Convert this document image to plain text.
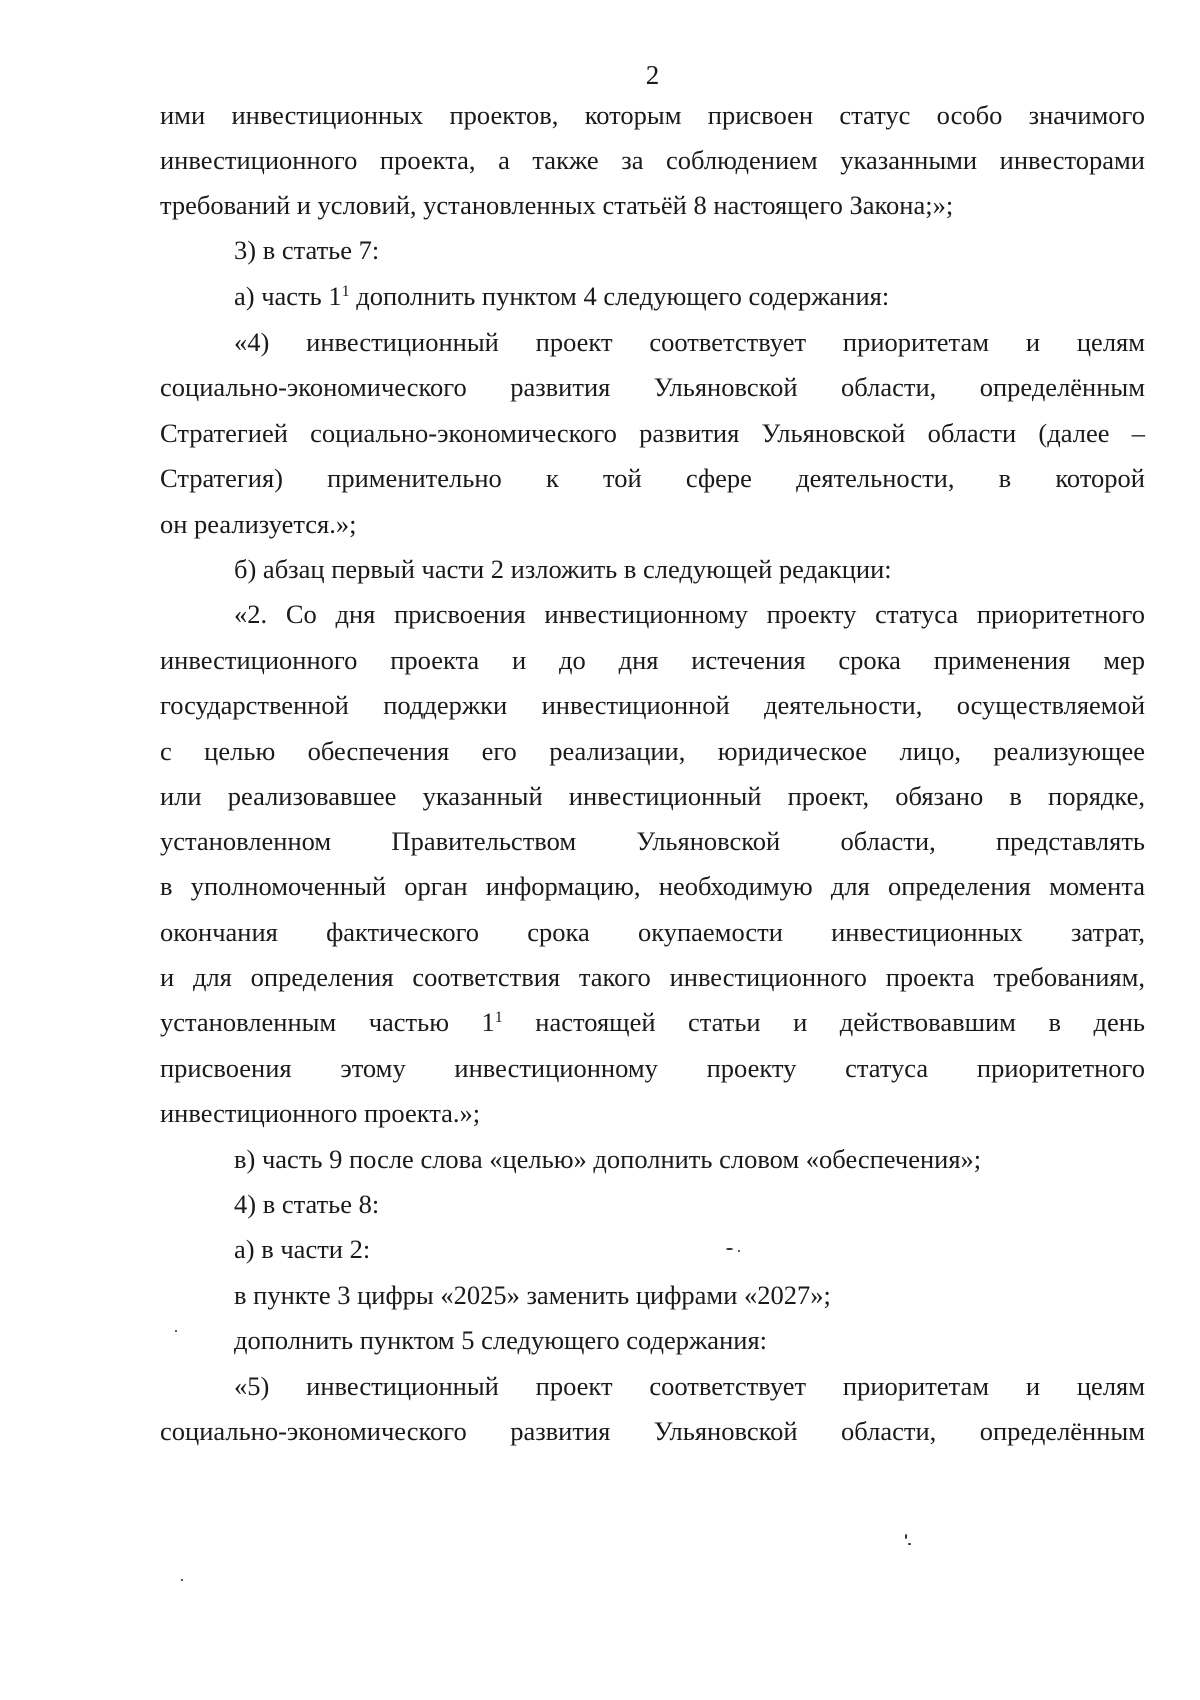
2
ими инвестиционных проектов, которым присвоен статус особо значимого
инвестиционного проекта, а также за соблюдением указанными инвесторами
требований и условий, установленных статьёй 8 настоящего Закона;»;
3) в статье 7:
а) часть $1^1$ дополнить пунктом 4 следующего содержания:
«4) инвестиционный проект соответствует приоритетам и целям
социально-экономического развития Ульяновской области, определённым
Стратегией социально-экономического развития Ульяновской области (далее –
Стратегия) применительно к той сфере деятельности, в которой
он реализуется.»;
б) абзац первый части 2 изложить в следующей редакции:
«2. Со дня присвоения инвестиционному проекту статуса приоритетного
инвестиционного проекта и до дня истечения срока применения мер
государственной поддержки инвестиционной деятельности, осуществляемой
с целью обеспечения его реализации, юридическое лицо, реализующее
или реализовавшее указанный инвестиционный проект, обязано в порядке,
установленном Правительством Ульяновской области, представлять
в уполномоченный орган информацию, необходимую для определения момента
окончания фактического срока окупаемости инвестиционных затрат,
и для определения соответствия такого инвестиционного проекта требованиям,
установленным частью $1^1$ настоящей статьи и действовавшим в день
присвоения этому инвестиционному проекту статуса приоритетного
инвестиционного проекта.»;
в) часть 9 после слова «целью» дополнить словом «обеспечения»;
4) в статье 8:
а) в части 2:
в пункте 3 цифры «2025» заменить цифрами «2027»;
дополнить пунктом 5 следующего содержания:
«5) инвестиционный проект соответствует приоритетам и целям
социально-экономического развития Ульяновской области, определённым
